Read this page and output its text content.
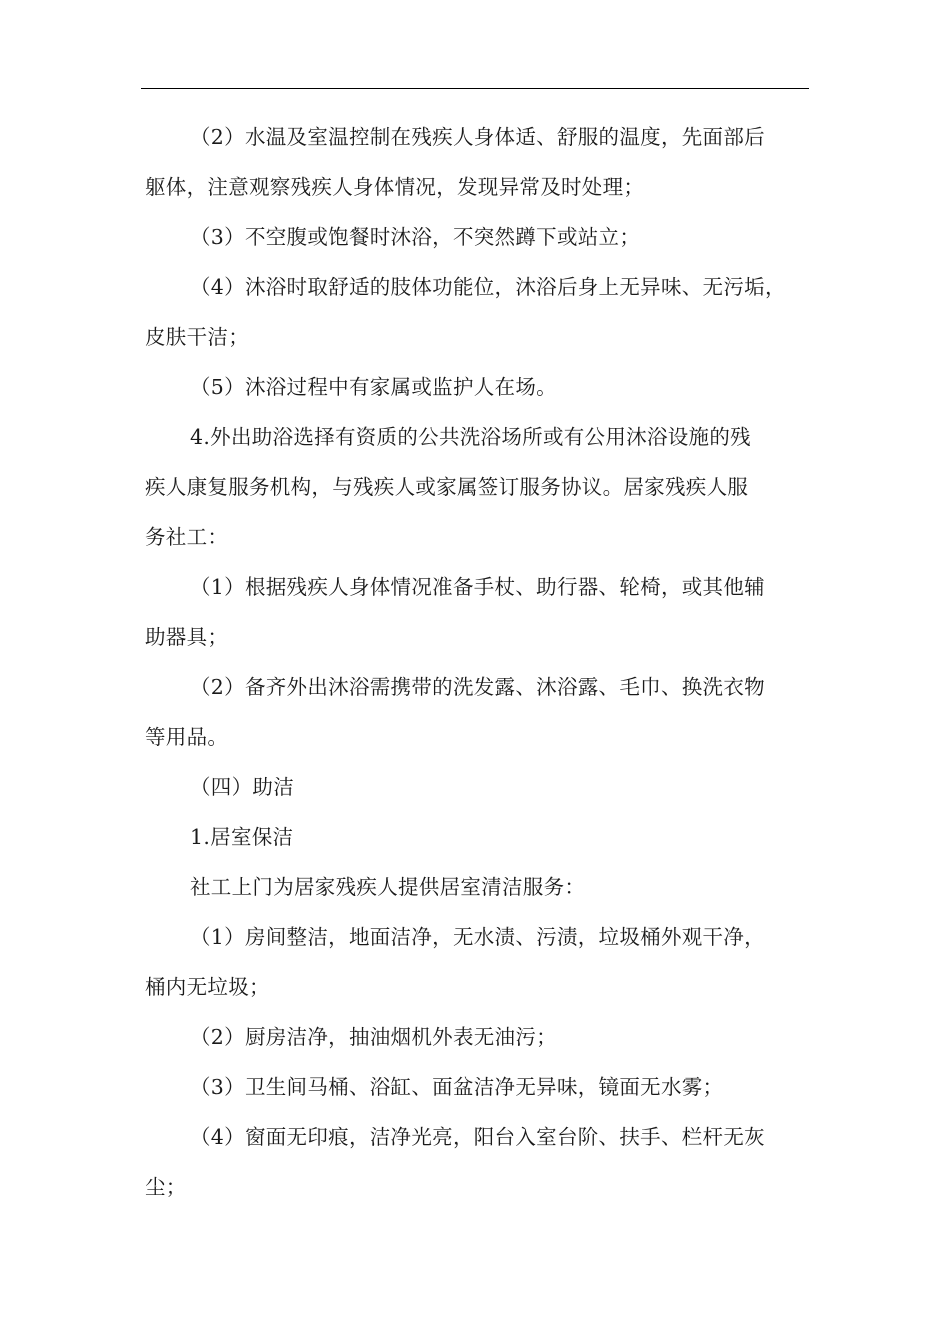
（2）水温及室温控制在残疾人身体适、舒服的温度，先面部后
躯体，注意观察残疾人身体情况，发现异常及时处理；
（3）不空腹或饱餐时沐浴，不突然蹲下或站立；
（4）沐浴时取舒适的肢体功能位，沐浴后身上无异味、无污垢，
皮肤干洁；
（5）沐浴过程中有家属或监护人在场。
4.外出助浴选择有资质的公共洗浴场所或有公用沐浴设施的残
疾人康复服务机构，与残疾人或家属签订服务协议。居家残疾人服
务社工：
（1）根据残疾人身体情况准备手杖、助行器、轮椅，或其他辅
助器具；
（2）备齐外出沐浴需携带的洗发露、沐浴露、毛巾、换洗衣物
等用品。
（四）助洁
1.居室保洁
社工上门为居家残疾人提供居室清洁服务：
（1）房间整洁，地面洁净，无水渍、污渍，垃圾桶外观干净，
桶内无垃圾；
（2）厨房洁净，抽油烟机外表无油污；
（3）卫生间马桶、浴缸、面盆洁净无异味，镜面无水雾；
（4）窗面无印痕，洁净光亮，阳台入室台阶、扶手、栏杆无灰
尘；
